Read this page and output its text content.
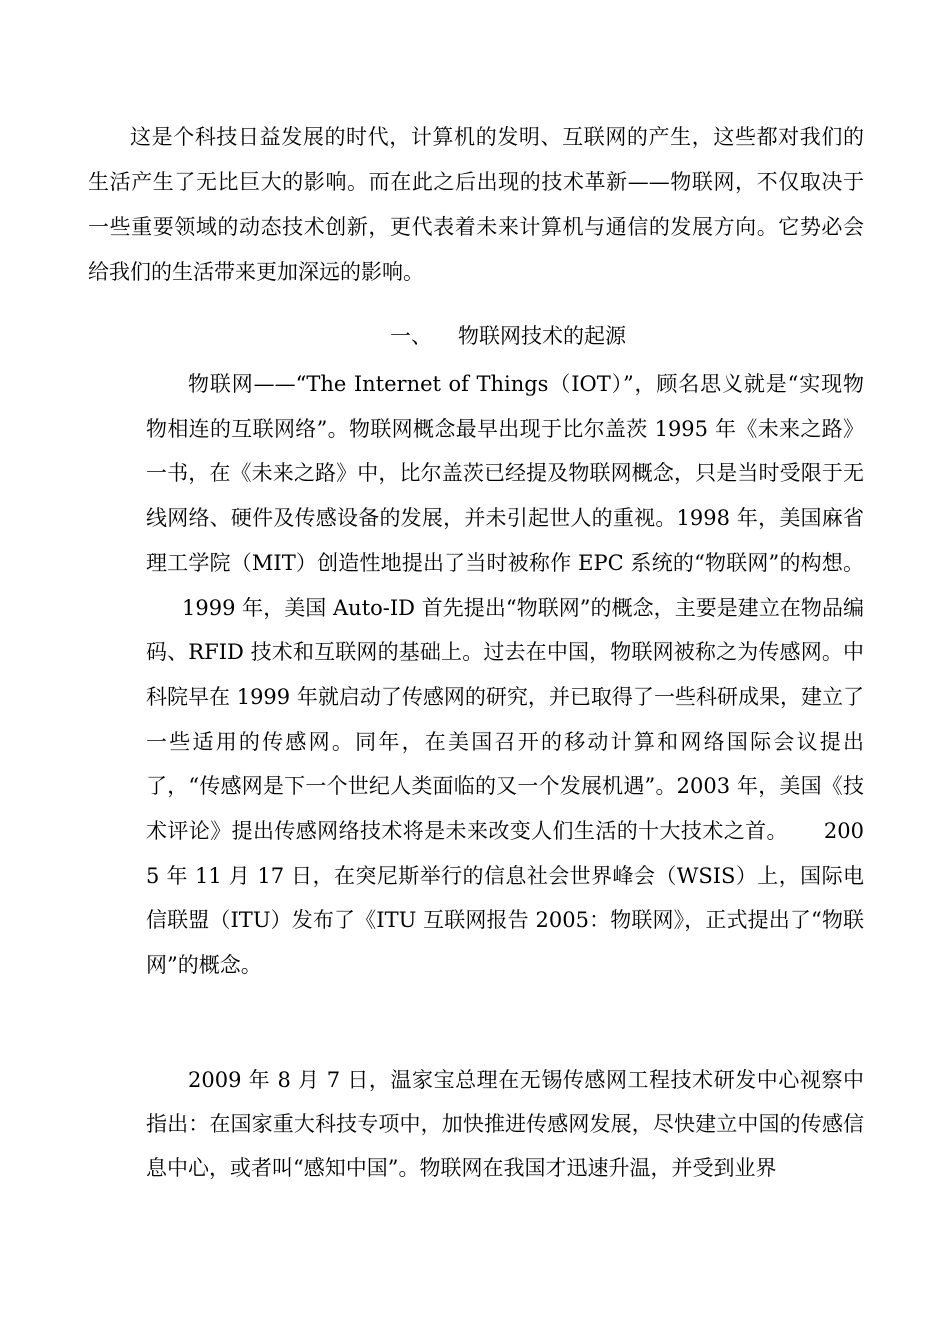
这是个科技日益发展的时代，计算机的发明、互联网的产生，这些都对我们的生活产生了无比巨大的影响。而在此之后出现的技术革新——物联网，不仅取决于一些重要领域的动态技术创新，更代表着未来计算机与通信的发展方向。它势必会给我们的生活带来更加深远的影响。

一、 物联网技术的起源

物联网——“The Internet of Things（IOT）”，顾名思义就是“实现物物相连的互联网络”。物联网概念最早出现于比尔盖茨 1995 年《未来之路》一书，在《未来之路》中，比尔盖茨已经提及物联网概念，只是当时受限于无线网络、硬件及传感设备的发展，并未引起世人的重视。1998 年，美国麻省理工学院（MIT）创造性地提出了当时被称作 EPC 系统的“物联网”的构想。1999 年，美国 Auto-ID 首先提出“物联网”的概念，主要是建立在物品编码、RFID 技术和互联网的基础上。过去在中国，物联网被称之为传感网。中科院早在 1999 年就启动了传感网的研究，并已取得了一些科研成果，建立了一些适用的传感网。同年，在美国召开的移动计算和网络国际会议提出了，“传感网是下一个世纪人类面临的又一个发展机遇”。2003 年，美国《技术评论》提出传感网络技术将是未来改变人们生活的十大技术之首。 2005 年 11 月 17 日，在突尼斯举行的信息社会世界峰会（WSIS）上，国际电信联盟（ITU）发布了《ITU 互联网报告 2005：物联网》，正式提出了“物联网”的概念。

2009 年 8 月 7 日，温家宝总理在无锡传感网工程技术研发中心视察中指出：在国家重大科技专项中，加快推进传感网发展，尽快建立中国的传感信息中心，或者叫“感知中国”。物联网在我国才迅速升温，并受到业界
